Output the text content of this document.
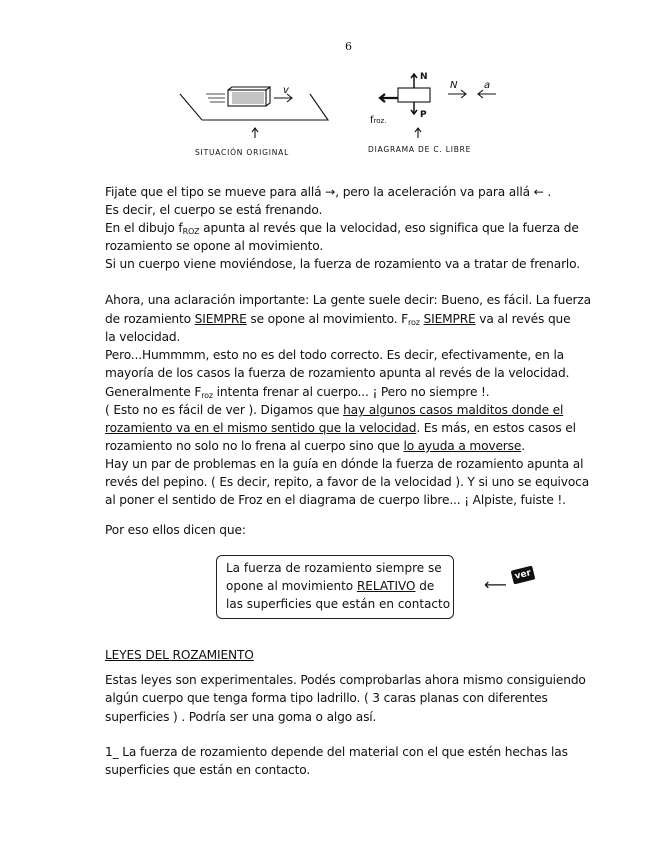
6
v
SITUACIÓN ORIGINAL
N
P
froz.
N	a
DIAGRAMA DE C. LIBRE
Fijate que el tipo se mueve para allá →, pero la aceleración va para allá ← .
Es decir, el cuerpo se está frenando.
En el dibujo $f_{ROZ}$ apunta al revés que la velocidad, eso significa que la fuerza de
rozamiento se opone al movimiento.
Si un cuerpo viene moviéndose, la fuerza de rozamiento va a tratar de frenarlo.
Ahora, una aclaración importante: La gente suele decir: Bueno, es fácil. La fuerza
de rozamiento SIEMPRE se opone al movimiento. $F_{roz}$ SIEMPRE va al revés que
la velocidad.
Pero...Hummmm, esto no es del todo correcto. Es decir, efectivamente, en la
mayoría de los casos la fuerza de rozamiento apunta al revés de la velocidad.
Generalmente $F_{roz}$ intenta frenar al cuerpo... ¡ Pero no siempre !.
( Esto no es fácil de ver ). Digamos que hay algunos casos malditos donde el
rozamiento va en el mismo sentido que la velocidad. Es más, en estos casos el
rozamiento no solo no lo frena al cuerpo sino que lo ayuda a moverse.
Hay un par de problemas en la guía en dónde la fuerza de rozamiento apunta al
revés del pepino. ( Es decir, repito, a favor de la velocidad ). Y si uno se equivoca
al poner el sentido de Froz en el diagrama de cuerpo libre... ¡ Alpiste, fuiste !.
Por eso ellos dicen que:
La fuerza de rozamiento siempre se
opone al movimiento RELATIVO de
las superficies que están en contacto
⟵ ver
LEYES DEL ROZAMIENTO
Estas leyes son experimentales. Podés comprobarlas ahora mismo consiguiendo
algún cuerpo que tenga forma tipo ladrillo. ( 3 caras planas con diferentes
superficies ) . Podría ser una goma o algo así.
1_ La fuerza de rozamiento depende del material con el que estén hechas las
superficies que están en contacto.
